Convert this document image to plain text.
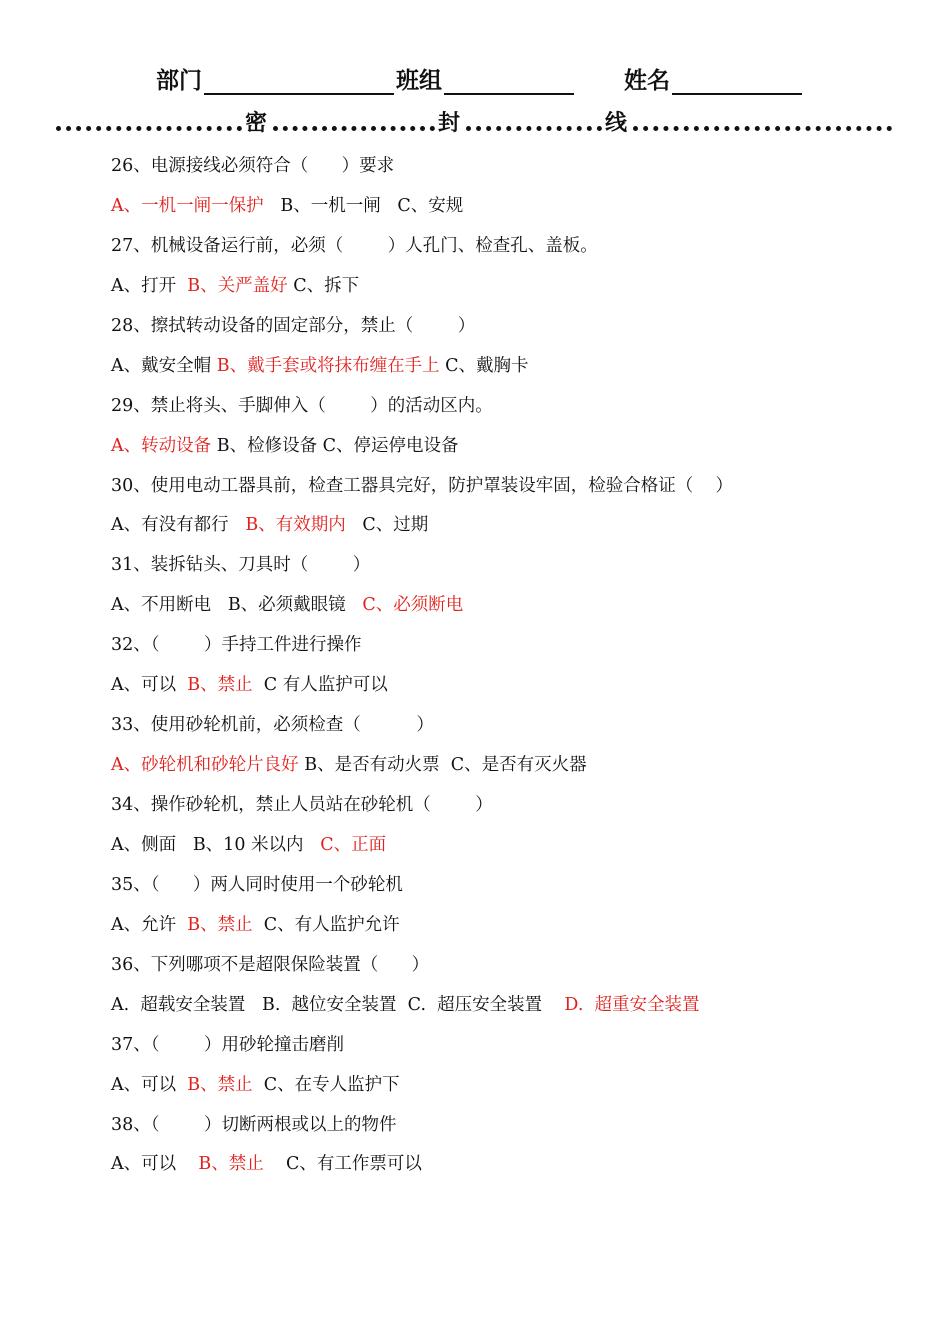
部门	班组	姓名
密	封	线
26、电源接线必须符合（      ）要求
A、一机一闸一保护   B、一机一闸   C、安规
27、机械设备运行前，必须（        ）人孔门、检查孔、盖板。
A、打开  B、关严盖好 C、拆下
28、擦拭转动设备的固定部分，禁止（        ）
A、戴安全帽 B、戴手套或将抹布缠在手上 C、戴胸卡
29、禁止将头、手脚伸入（        ）的活动区内。
A、转动设备 B、检修设备 C、停运停电设备
30、使用电动工器具前，检查工器具完好，防护罩装设牢固，检验合格证（    ）
A、有没有都行   B、有效期内   C、过期
31、装拆钻头、刀具时（        ）
A、不用断电   B、必须戴眼镜   C、必须断电
32、（        ）手持工件进行操作
A、可以  B、禁止  C 有人监护可以
33、使用砂轮机前，必须检查（          ）
A、砂轮机和砂轮片良好 B、是否有动火票  C、是否有灭火器
34、操作砂轮机，禁止人员站在砂轮机（        ）
A、侧面   B、10 米以内   C、正面
35、（      ）两人同时使用一个砂轮机
A、允许  B、禁止  C、有人监护允许
36、下列哪项不是超限保险装置（      ）
A.  超载安全装置   B.  越位安全装置  C.  超压安全装置    D.  超重安全装置
37、（        ）用砂轮撞击磨削
A、可以  B、禁止  C、在专人监护下
38、（        ）切断两根或以上的物件
A、可以    B、禁止    C、有工作票可以
